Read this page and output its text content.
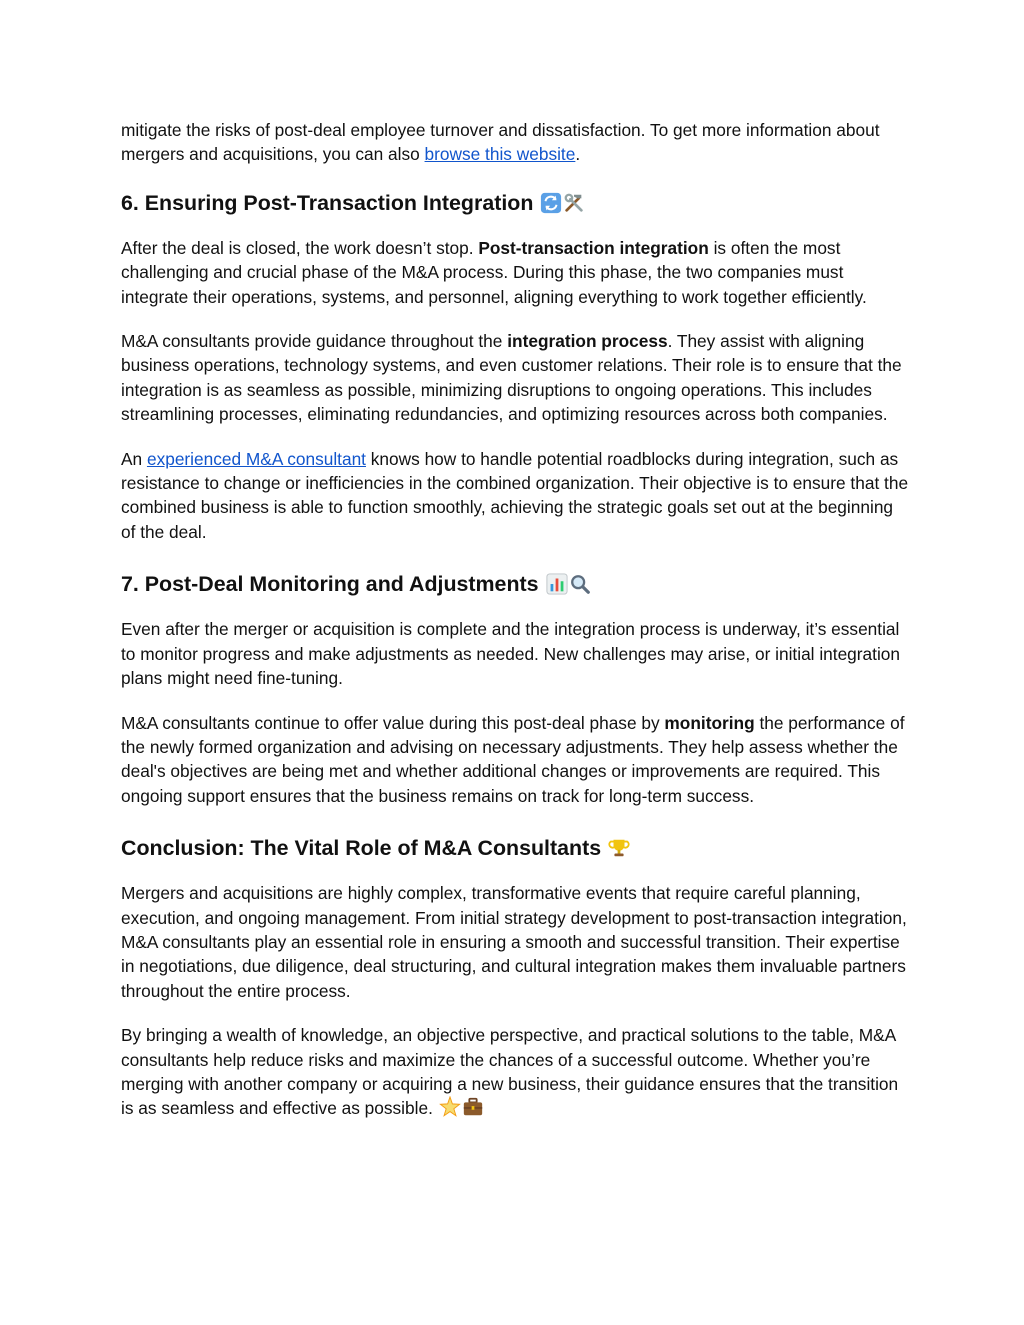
mitigate the risks of post-deal employee turnover and dissatisfaction. To get more information about mergers and acquisitions, you can also browse this website.

6. Ensuring Post-Transaction Integration

After the deal is closed, the work doesn’t stop. Post-transaction integration is often the most challenging and crucial phase of the M&A process. During this phase, the two companies must integrate their operations, systems, and personnel, aligning everything to work together efficiently.

M&A consultants provide guidance throughout the integration process. They assist with aligning business operations, technology systems, and even customer relations. Their role is to ensure that the integration is as seamless as possible, minimizing disruptions to ongoing operations. This includes streamlining processes, eliminating redundancies, and optimizing resources across both companies.

An experienced M&A consultant knows how to handle potential roadblocks during integration, such as resistance to change or inefficiencies in the combined organization. Their objective is to ensure that the combined business is able to function smoothly, achieving the strategic goals set out at the beginning of the deal.

7. Post-Deal Monitoring and Adjustments

Even after the merger or acquisition is complete and the integration process is underway, it’s essential to monitor progress and make adjustments as needed. New challenges may arise, or initial integration plans might need fine-tuning.

M&A consultants continue to offer value during this post-deal phase by monitoring the performance of the newly formed organization and advising on necessary adjustments. They help assess whether the deal's objectives are being met and whether additional changes or improvements are required. This ongoing support ensures that the business remains on track for long-term success.

Conclusion: The Vital Role of M&A Consultants

Mergers and acquisitions are highly complex, transformative events that require careful planning, execution, and ongoing management. From initial strategy development to post-transaction integration, M&A consultants play an essential role in ensuring a smooth and successful transition. Their expertise in negotiations, due diligence, deal structuring, and cultural integration makes them invaluable partners throughout the entire process.

By bringing a wealth of knowledge, an objective perspective, and practical solutions to the table, M&A consultants help reduce risks and maximize the chances of a successful outcome. Whether you’re merging with another company or acquiring a new business, their guidance ensures that the transition is as seamless and effective as possible.
